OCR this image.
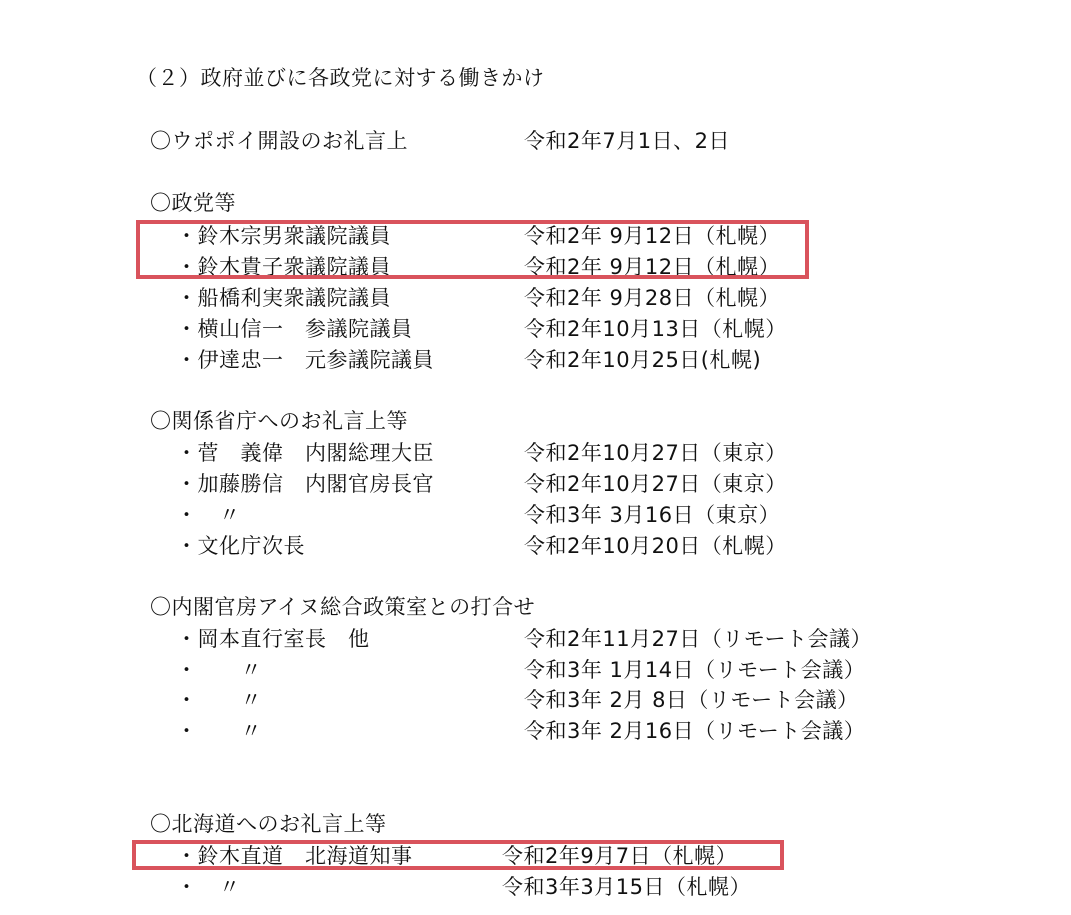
（２）政府並びに各政党に対する働きかけ
〇ウポポイ開設のお礼言上	令和2年7月1日、2日
〇政党等
・鈴木宗男衆議院議員	令和2年 9月12日（札幌）
・鈴木貴子衆議院議員	令和2年 9月12日（札幌）
・船橋利実衆議院議員	令和2年 9月28日（札幌）
・横山信一　参議院議員	令和2年10月13日（札幌）
・伊達忠一　元参議院議員	令和2年10月25日(札幌)
〇関係省庁へのお礼言上等
・菅　義偉　内閣総理大臣	令和2年10月27日（東京）
・加藤勝信　内閣官房長官	令和2年10月27日（東京）
・　〃	令和3年 3月16日（東京）
・文化庁次長	令和2年10月20日（札幌）
〇内閣官房アイヌ総合政策室との打合せ
・岡本直行室長　他	令和2年11月27日（リモート会議）
・　　〃	令和3年 1月14日（リモート会議）
・　　〃	令和3年 2月 8日（リモート会議）
・　　〃	令和3年 2月16日（リモート会議）
〇北海道へのお礼言上等
・鈴木直道　北海道知事	令和2年9月7日（札幌）
・　〃	令和3年3月15日（札幌）
